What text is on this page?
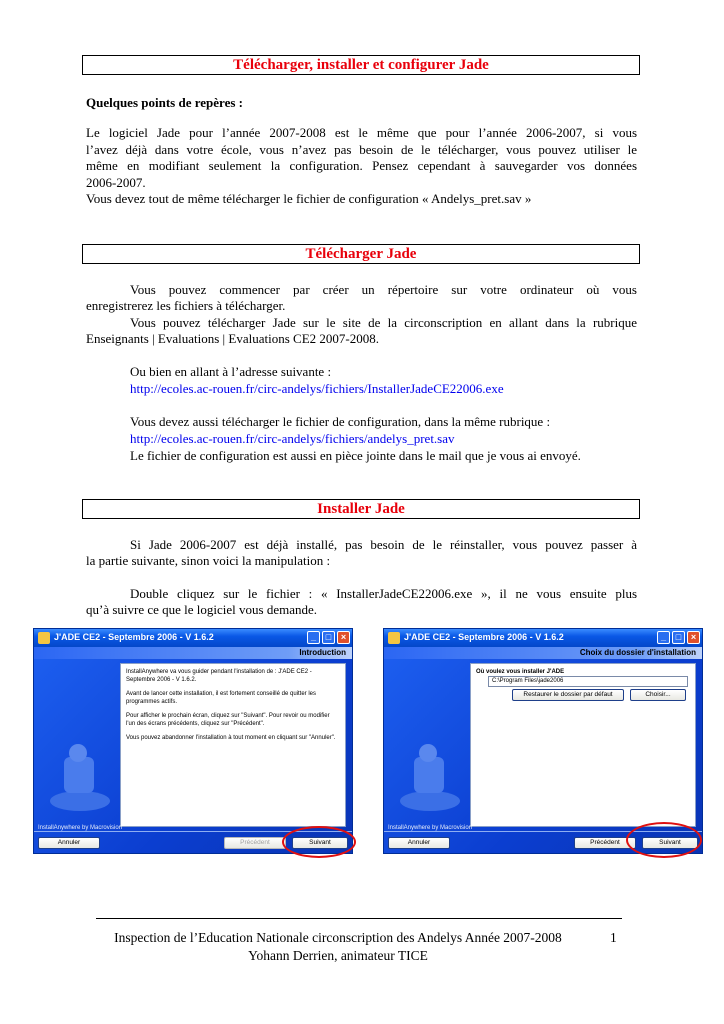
Télécharger, installer et configurer Jade

Quelques points de repères :

Le logiciel Jade pour l’année 2007-2008 est le même que pour l’année 2006-2007, si vous
l’avez déjà dans votre école, vous n’avez pas besoin de le télécharger, vous pouvez utiliser le
même en modifiant seulement la configuration. Pensez cependant à sauvegarder vos données
2006-2007.
Vous devez tout de même télécharger le fichier de configuration « Andelys_pret.sav »
Télécharger Jade
Vous pouvez commencer par créer un répertoire sur votre ordinateur où vous
enregistrerez les fichiers à télécharger.
Vous pouvez télécharger Jade sur le site de la circonscription en allant dans la rubrique
Enseignants | Evaluations | Evaluations CE2 2007-2008.
Ou bien en allant à l’adresse suivante :
http://ecoles.ac-rouen.fr/circ-andelys/fichiers/InstallerJadeCE22006.exe
Vous devez aussi télécharger le fichier de configuration, dans la même rubrique :
http://ecoles.ac-rouen.fr/circ-andelys/fichiers/andelys_pret.sav
Le fichier de configuration est aussi en pièce jointe dans le mail que je vous ai envoyé.
Installer Jade
Si Jade 2006-2007 est déjà installé, pas besoin de le réinstaller, vous pouvez passer à
la partie suivante, sinon voici la manipulation :
Double cliquez sur le fichier : « InstallerJadeCE22006.exe », il ne vous ensuite plus
qu’à suivre ce que le logiciel vous demande.
J'ADE CE2 - Septembre 2006 - V 1.6.2	_	□	×
Introduction

InstallAnywhere va vous guider pendant l'installation de : J'ADE CE2 - Septembre 2006 - V 1.6.2.

Avant de lancer cette installation, il est fortement conseillé de quitter les programmes actifs.

Pour afficher le prochain écran, cliquez sur "Suivant". Pour revoir ou modifier l'un des écrans précédents, cliquez sur "Précédent".

Vous pouvez abandonner l'installation à tout moment en cliquant sur "Annuler".

InstallAnywhere by Macrovision
Annuler	Précédent	Suivant
J'ADE CE2 - Septembre 2006 - V 1.6.2	_	□	×
Choix du dossier d'installation
Où voulez vous installer J'ADE
C:\Program Files\jade2006
Restaurer le dossier par défaut	Choisir...
InstallAnywhere by Macrovision
Annuler	Précédent	Suivant
Inspection de l’Education Nationale circonscription des Andelys Année 2007-2008
Yohann Derrien, animateur TICE
1
